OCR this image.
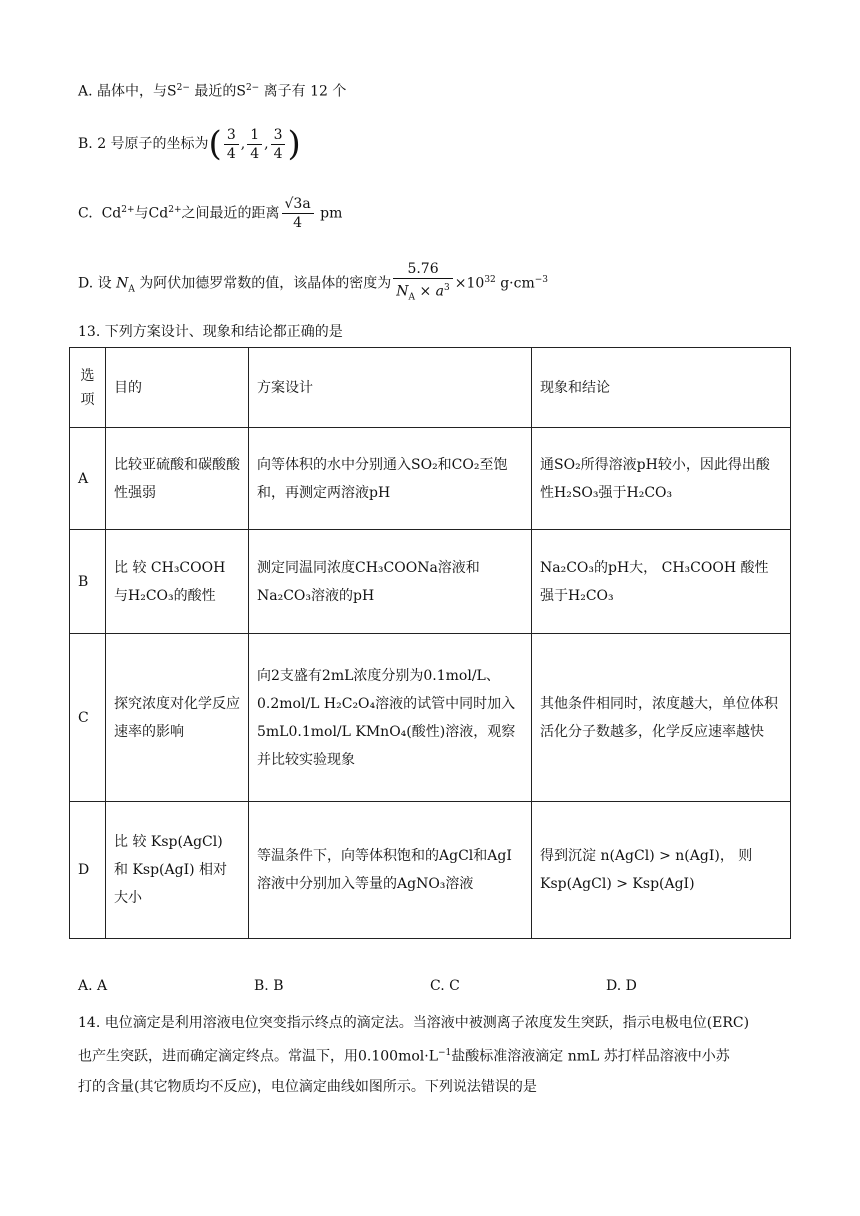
A. 晶体中，与$S^{2-}$ 最近的$S^{2-}$ 离子有 12 个
B. 2 号原子的坐标为( $\frac{3}{4}$ , $\frac{1}{4}$ , $\frac{3}{4}$ )
C. $Cd^{2+}$与$Cd^{2+}$之间最近的距离 $\frac{√3a}{4}$ pm
D. 设 $N_A$ 为阿伏加德罗常数的值，该晶体的密度为 $\frac{5.76}{N_A \times a^3} \times 10^{32}$ $g\cdot cm^{-3}$
13. 下列方案设计、现象和结论都正确的是
选项	目的	方案设计	现象和结论
A	比较亚硫酸和碳酸酸性强弱	向等体积的水中分别通入SO₂和CO₂至饱和，再测定两溶液pH	通SO₂所得溶液pH较小，因此得出酸性H₂SO₃强于H₂CO₃
B	比 较 CH₃COOH 与H₂CO₃的酸性	测定同温同浓度CH₃COONa溶液和 Na₂CO₃溶液的pH	Na₂CO₃的pH大， CH₃COOH 酸性强于H₂CO₃
C	探究浓度对化学反应速率的影响	向2支盛有2mL浓度分别为0.1mol/L、0.2mol/L H₂C₂O₄溶液的试管中同时加入5mL0.1mol/L KMnO₄(酸性)溶液，观察并比较实验现象	其他条件相同时，浓度越大，单位体积活化分子数越多，化学反应速率越快
D	比 较 Ksp(AgCl) 和 Ksp(AgI) 相对大小	等温条件下，向等体积饱和的AgCl和AgI溶液中分别加入等量的AgNO₃溶液	得到沉淀 n(AgCl) > n(AgI)， 则 Ksp(AgCl) > Ksp(AgI)
A. A	B. B	C. C	D. D
14. 电位滴定是利用溶液电位突变指示终点的滴定法。当溶液中被测离子浓度发生突跃，指示电极电位(ERC)
也产生突跃，进而确定滴定终点。常温下，用$0.100mol\cdot L^{-1}$盐酸标准溶液滴定 nmL 苏打样品溶液中小苏
打的含量(其它物质均不反应)，电位滴定曲线如图所示。下列说法错误的是
